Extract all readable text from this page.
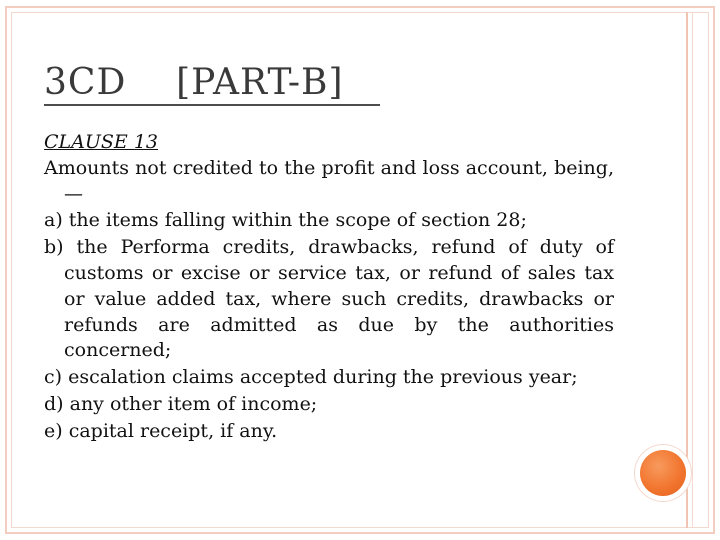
3CD    [PART-B]

CLAUSE 13

Amounts not credited to the profit and loss account, being,—

a) the items falling within the scope of section 28;

b) the Performa credits, drawbacks, refund of duty of customs or excise or service tax, or refund of sales tax or value added tax, where such credits, drawbacks or refunds are admitted as due by the authorities concerned;

c) escalation claims accepted during the previous year;

d) any other item of income;

e) capital receipt, if any.
